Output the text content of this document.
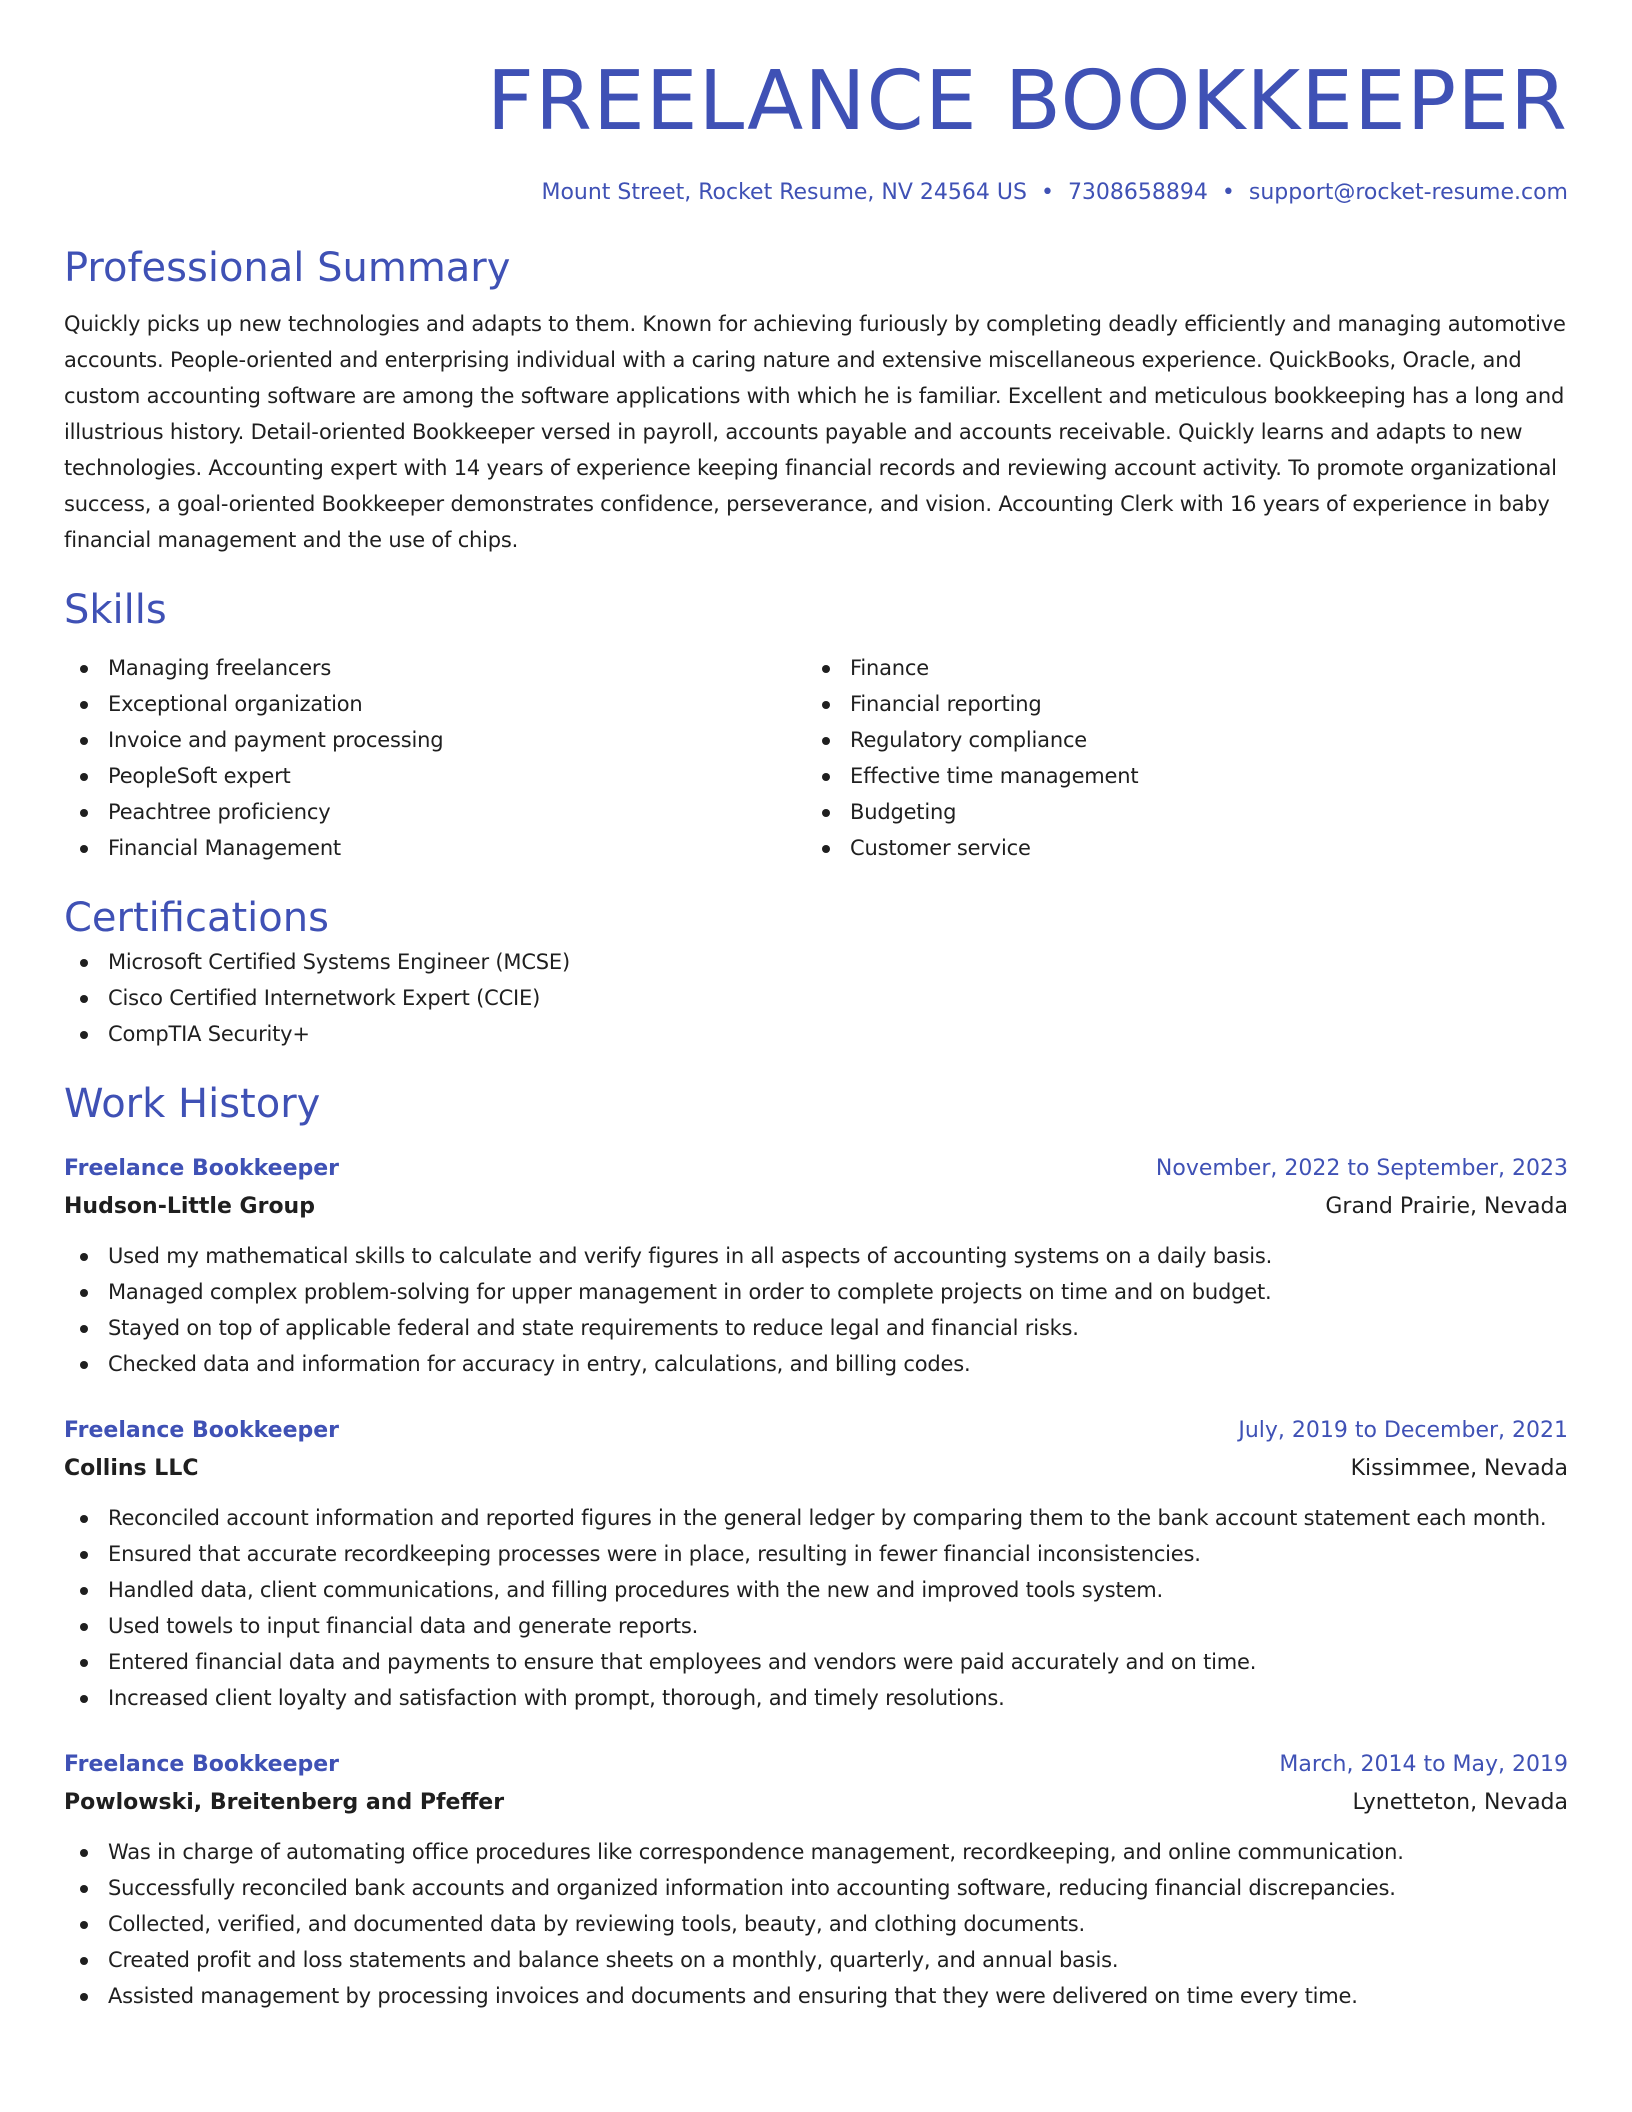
FREELANCE BOOKKEEPER
Mount Street, Rocket Resume, NV 24564 US • 7308658894 • support@rocket-resume.com
Professional Summary

Quickly picks up new technologies and adapts to them. Known for achieving furiously by completing deadly efficiently and managing automotive accounts. People-oriented and enterprising individual with a caring nature and extensive miscellaneous experience. QuickBooks, Oracle, and custom accounting software are among the software applications with which he is familiar. Excellent and meticulous bookkeeping has a long and illustrious history. Detail-oriented Bookkeeper versed in payroll, accounts payable and accounts receivable. Quickly learns and adapts to new technologies. Accounting expert with 14 years of experience keeping financial records and reviewing account activity. To promote organizational success, a goal-oriented Bookkeeper demonstrates confidence, perseverance, and vision. Accounting Clerk with 16 years of experience in baby financial management and the use of chips.

Skills
Managing freelancers
Exceptional organization
Invoice and payment processing
PeopleSoft expert
Peachtree proficiency
Financial Management
Finance
Financial reporting
Regulatory compliance
Effective time management
Budgeting
Customer service
Certifications
Microsoft Certified Systems Engineer (MCSE)
Cisco Certified Internetwork Expert (CCIE)
CompTIA Security+
Work History
Freelance Bookkeeper	November, 2022 to September, 2023
Hudson-Little Group	Grand Prairie, Nevada
Used my mathematical skills to calculate and verify figures in all aspects of accounting systems on a daily basis.
Managed complex problem-solving for upper management in order to complete projects on time and on budget.
Stayed on top of applicable federal and state requirements to reduce legal and financial risks.
Checked data and information for accuracy in entry, calculations, and billing codes.
Freelance Bookkeeper	July, 2019 to December, 2021
Collins LLC	Kissimmee, Nevada
Reconciled account information and reported figures in the general ledger by comparing them to the bank account statement each month.
Ensured that accurate recordkeeping processes were in place, resulting in fewer financial inconsistencies.
Handled data, client communications, and filling procedures with the new and improved tools system.
Used towels to input financial data and generate reports.
Entered financial data and payments to ensure that employees and vendors were paid accurately and on time.
Increased client loyalty and satisfaction with prompt, thorough, and timely resolutions.
Freelance Bookkeeper	March, 2014 to May, 2019
Powlowski, Breitenberg and Pfeffer	Lynetteton, Nevada
Was in charge of automating office procedures like correspondence management, recordkeeping, and online communication.
Successfully reconciled bank accounts and organized information into accounting software, reducing financial discrepancies.
Collected, verified, and documented data by reviewing tools, beauty, and clothing documents.
Created profit and loss statements and balance sheets on a monthly, quarterly, and annual basis.
Assisted management by processing invoices and documents and ensuring that they were delivered on time every time.
